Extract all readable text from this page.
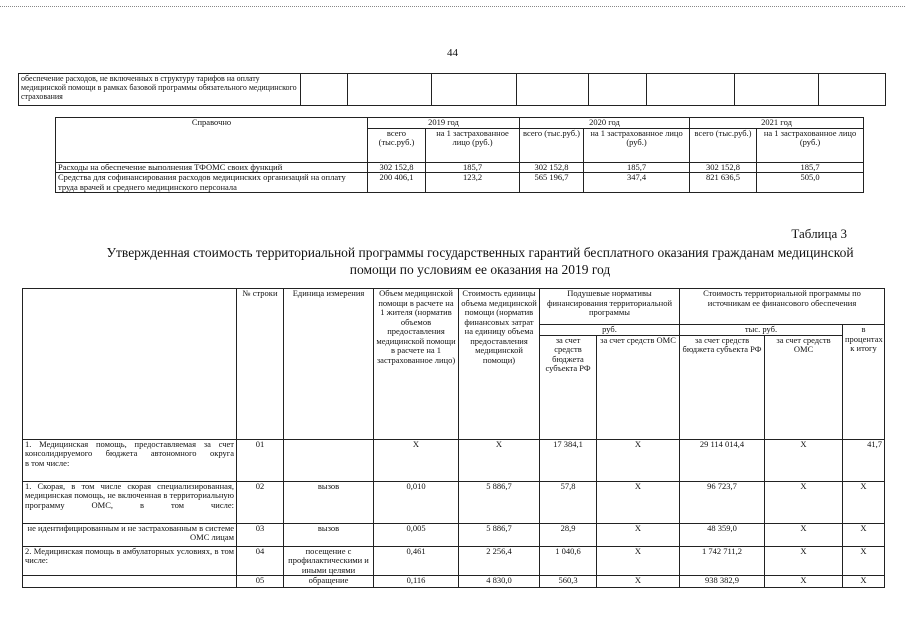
44
обеспечение расходов, не включенных в структуру тарифов на оплату медицинской помощи в рамках базовой программы обязательного медицинского страхования								
Справочно	2019 год		2020 год		2021 год	
	всего (тыс.руб.)	на 1 застрахованное лицо (руб.)	всего (тыс.руб.)	на 1 застрахованное лицо (руб.)	всего (тыс.руб.)	на 1 застрахованное лицо (руб.)
Расходы на обеспечение выполнения ТФОМС своих функций	302 152,8	185,7	302 152,8	185,7	302 152,8	185,7
Средства для софинансирования расходов медицинских организаций на оплату труда врачей и среднего медицинского персонала	200 406,1	123,2	565 196,7	347,4	821 636,5	505,0
Таблица 3
Утвержденная стоимость территориальной программы государственных гарантий бесплатного оказания гражданам медицинской помощи по условиям ее оказания на 2019 год
	№ строки	Единица измерения	Объем медицинской помощи в расчете на 1 жителя (норматив объемов предоставления медицинской помощи в расчете на 1 застрахованное лицо)	Стоимость единицы объема медицинской помощи (норматив финансовых затрат на единицу объема предоставления медицинской помощи)	Подушевые нормативы финансирования территориальной программы		Стоимость территориальной программы по источникам ее финансового обеспечения		
					руб.		тыс. руб.		в процентах к итогу
					за счет средств бюджета субъекта РФ	за счет средств ОМС	за счет средств бюджета субъекта РФ	за счет средств ОМС	

1. Медицинская помощь, предоставляемая за счет консолидируемого бюджета автономного округа
в том числе:	01		X	X	17 384,1	X	29 114 014,4	X	41,7
1. Скорая, в том числе скорая специализированная, медицинская помощь, не включенная в территориальную программу ОМС, в том числе:	02	вызов	0,010	5 886,7	57,8	X	96 723,7	X	X
не идентифицированным и не застрахованным в системе ОМС лицам	03	вызов	0,005	5 886,7	28,9	X	48 359,0	X	X
2. Медицинская помощь в амбулаторных условиях, в том числе:	04	посещение с профилактическими и иными целями	0,461	2 256,4	1 040,6	X	1 742 711,2	X	X
	05	обращение	0,116	4 830,0	560,3	X	938 382,9	X	X
